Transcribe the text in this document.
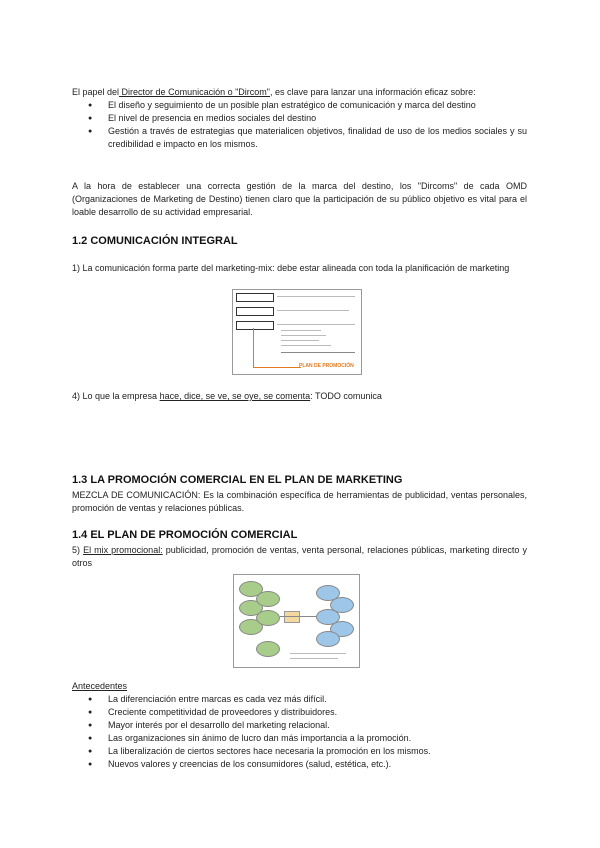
El papel del Director de Comunicación o "Dircom", es clave para lanzar una información eficaz sobre:
● El diseño y seguimiento de un posible plan estratégico de comunicación y marca del destino
● El nivel de presencia en medios sociales del destino
● Gestión a través de estrategias que materialicen objetivos, finalidad de uso de los medios sociales y su credibilidad e impacto en los mismos.
A la hora de establecer una correcta gestión de la marca del destino, los "Dircoms" de cada OMD (Organizaciones de Marketing de Destino) tienen claro que la participación de su público objetivo es vital para el loable desarrollo de su actividad empresarial.
1.2 COMUNICACIÓN INTEGRAL
1) La comunicación forma parte del marketing-mix: debe estar alineada con toda la planificación de marketing
PLAN DE PROMOCIÓN
4) Lo que la empresa hace, dice, se ve, se oye, se comenta: TODO comunica
1.3 LA PROMOCIÓN COMERCIAL EN EL PLAN DE MARKETING
MEZCLA DE COMUNICACIÓN: Es la combinación específica de herramientas de publicidad, ventas personales, promoción de ventas y relaciones públicas.
1.4 EL PLAN DE PROMOCIÓN COMERCIAL
5) El mix promocional: publicidad, promoción de ventas, venta personal, relaciones públicas, marketing directo y otros
Antecedentes
● La diferenciación entre marcas es cada vez más difícil.
● Creciente competitividad de proveedores y distribuidores.
● Mayor interés por el desarrollo del marketing relacional.
● Las organizaciones sin ánimo de lucro dan más importancia a la promoción.
● La liberalización de ciertos sectores hace necesaria la promoción en los mismos.
● Nuevos valores y creencias de los consumidores (salud, estética, etc.).
